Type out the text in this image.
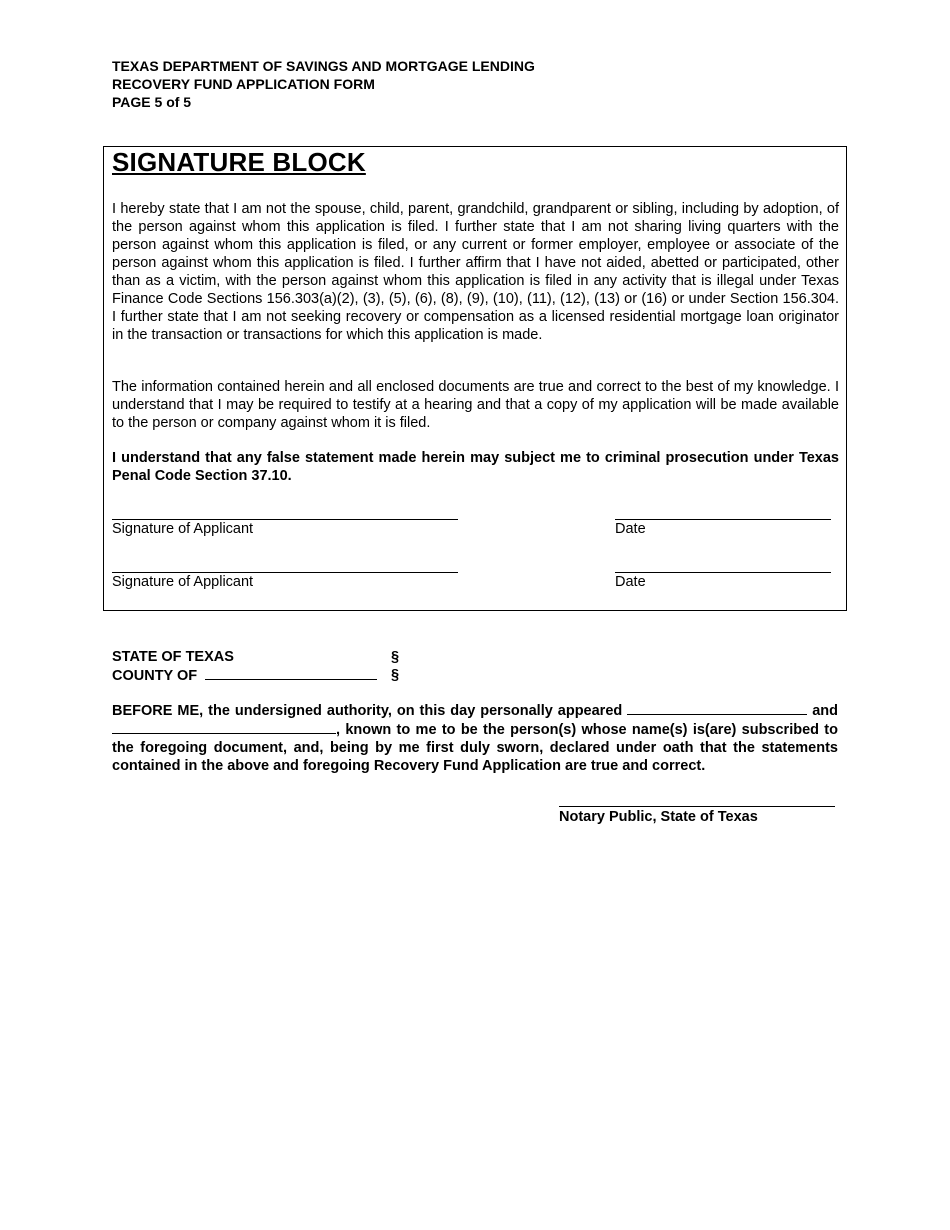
TEXAS DEPARTMENT OF SAVINGS AND MORTGAGE LENDING
RECOVERY FUND APPLICATION FORM
PAGE 5 of 5
SIGNATURE BLOCK

I hereby state that I am not the spouse, child, parent, grandchild, grandparent or sibling, including by adoption, of the person against whom this application is filed. I further state that I am not sharing living quarters with the person against whom this application is filed, or any current or former employer, employee or associate of the person against whom this application is filed. I further affirm that I have not aided, abetted or participated, other than as a victim, with the person against whom this application is filed in any activity that is illegal under Texas Finance Code Sections 156.303(a)(2), (3), (5), (6), (8), (9), (10), (11), (12), (13) or (16) or under Section 156.304. I further state that I am not seeking recovery or compensation as a licensed residential mortgage loan originator in the transaction or transactions for which this application is made.

The information contained herein and all enclosed documents are true and correct to the best of my knowledge. I understand that I may be required to testify at a hearing and that a copy of my application will be made available to the person or company against whom it is filed.

I understand that any false statement made herein may subject me to criminal prosecution under Texas Penal Code Section 37.10.

Signature of Applicant	Date
Signature of Applicant	Date
STATE OF TEXAS	§
COUNTY OF	§
BEFORE ME, the undersigned authority, on this day personally appeared	and , known to me to be the person(s) whose name(s) is(are) subscribed to the foregoing document, and, being by me first duly sworn, declared under oath that the statements contained in the above and foregoing Recovery Fund Application are true and correct.
Notary Public, State of Texas
